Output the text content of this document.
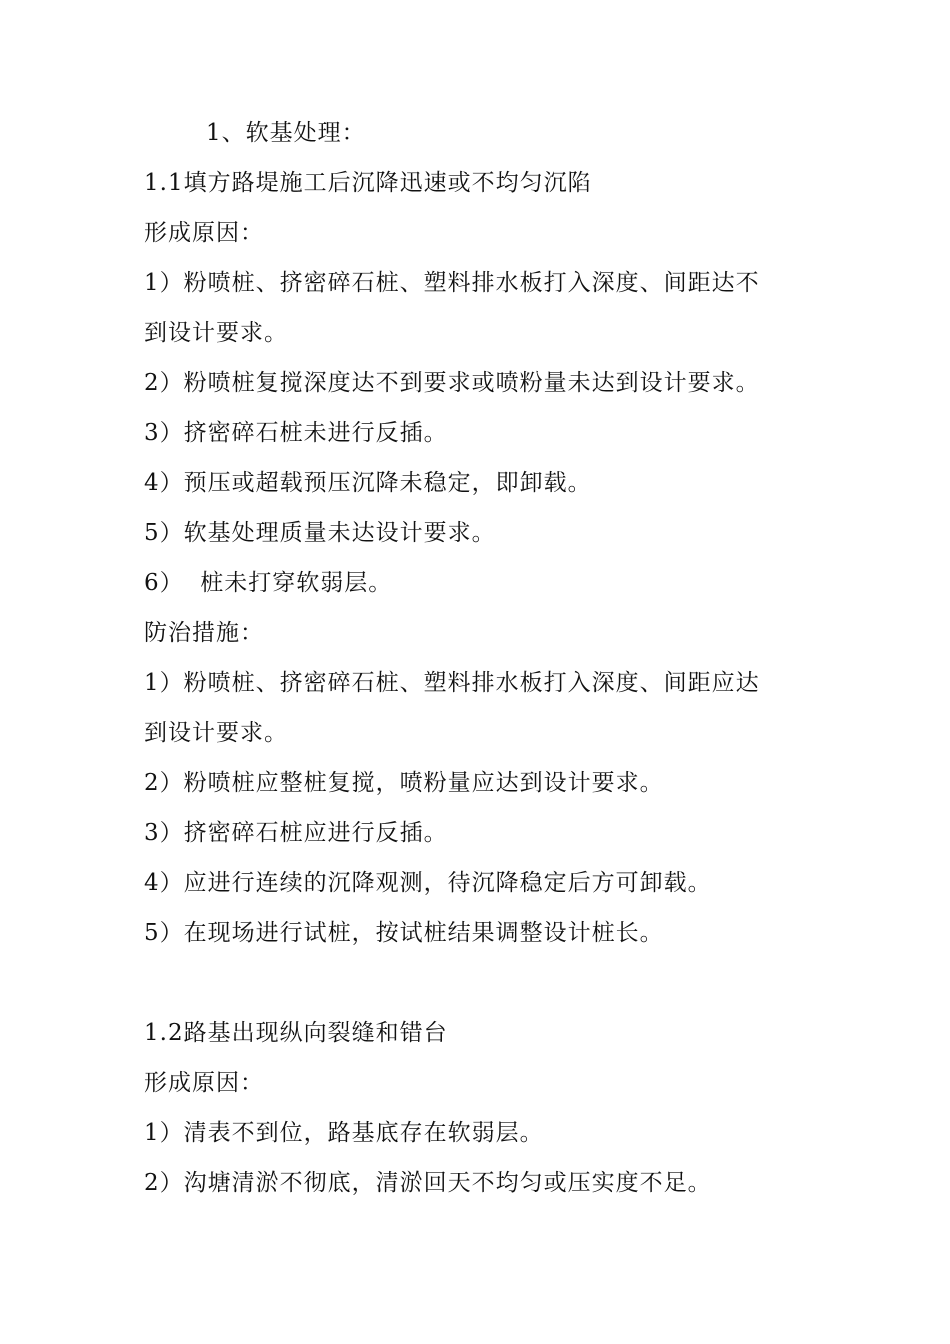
1、软基处理：
1.1填方路堤施工后沉降迅速或不均匀沉陷
形成原因：
1）粉喷桩、挤密碎石桩、塑料排水板打入深度、间距达不
到设计要求。
2）粉喷桩复搅深度达不到要求或喷粉量未达到设计要求。
3）挤密碎石桩未进行反插。
4）预压或超载预压沉降未稳定，即卸载。
5）软基处理质量未达设计要求。
6）  桩未打穿软弱层。
防治措施：
1）粉喷桩、挤密碎石桩、塑料排水板打入深度、间距应达
到设计要求。
2）粉喷桩应整桩复搅，喷粉量应达到设计要求。
3）挤密碎石桩应进行反插。
4）应进行连续的沉降观测，待沉降稳定后方可卸载。
5）在现场进行试桩，按试桩结果调整设计桩长。
1.2路基出现纵向裂缝和错台
形成原因：
1）清表不到位，路基底存在软弱层。
2）沟塘清淤不彻底，清淤回天不均匀或压实度不足。
